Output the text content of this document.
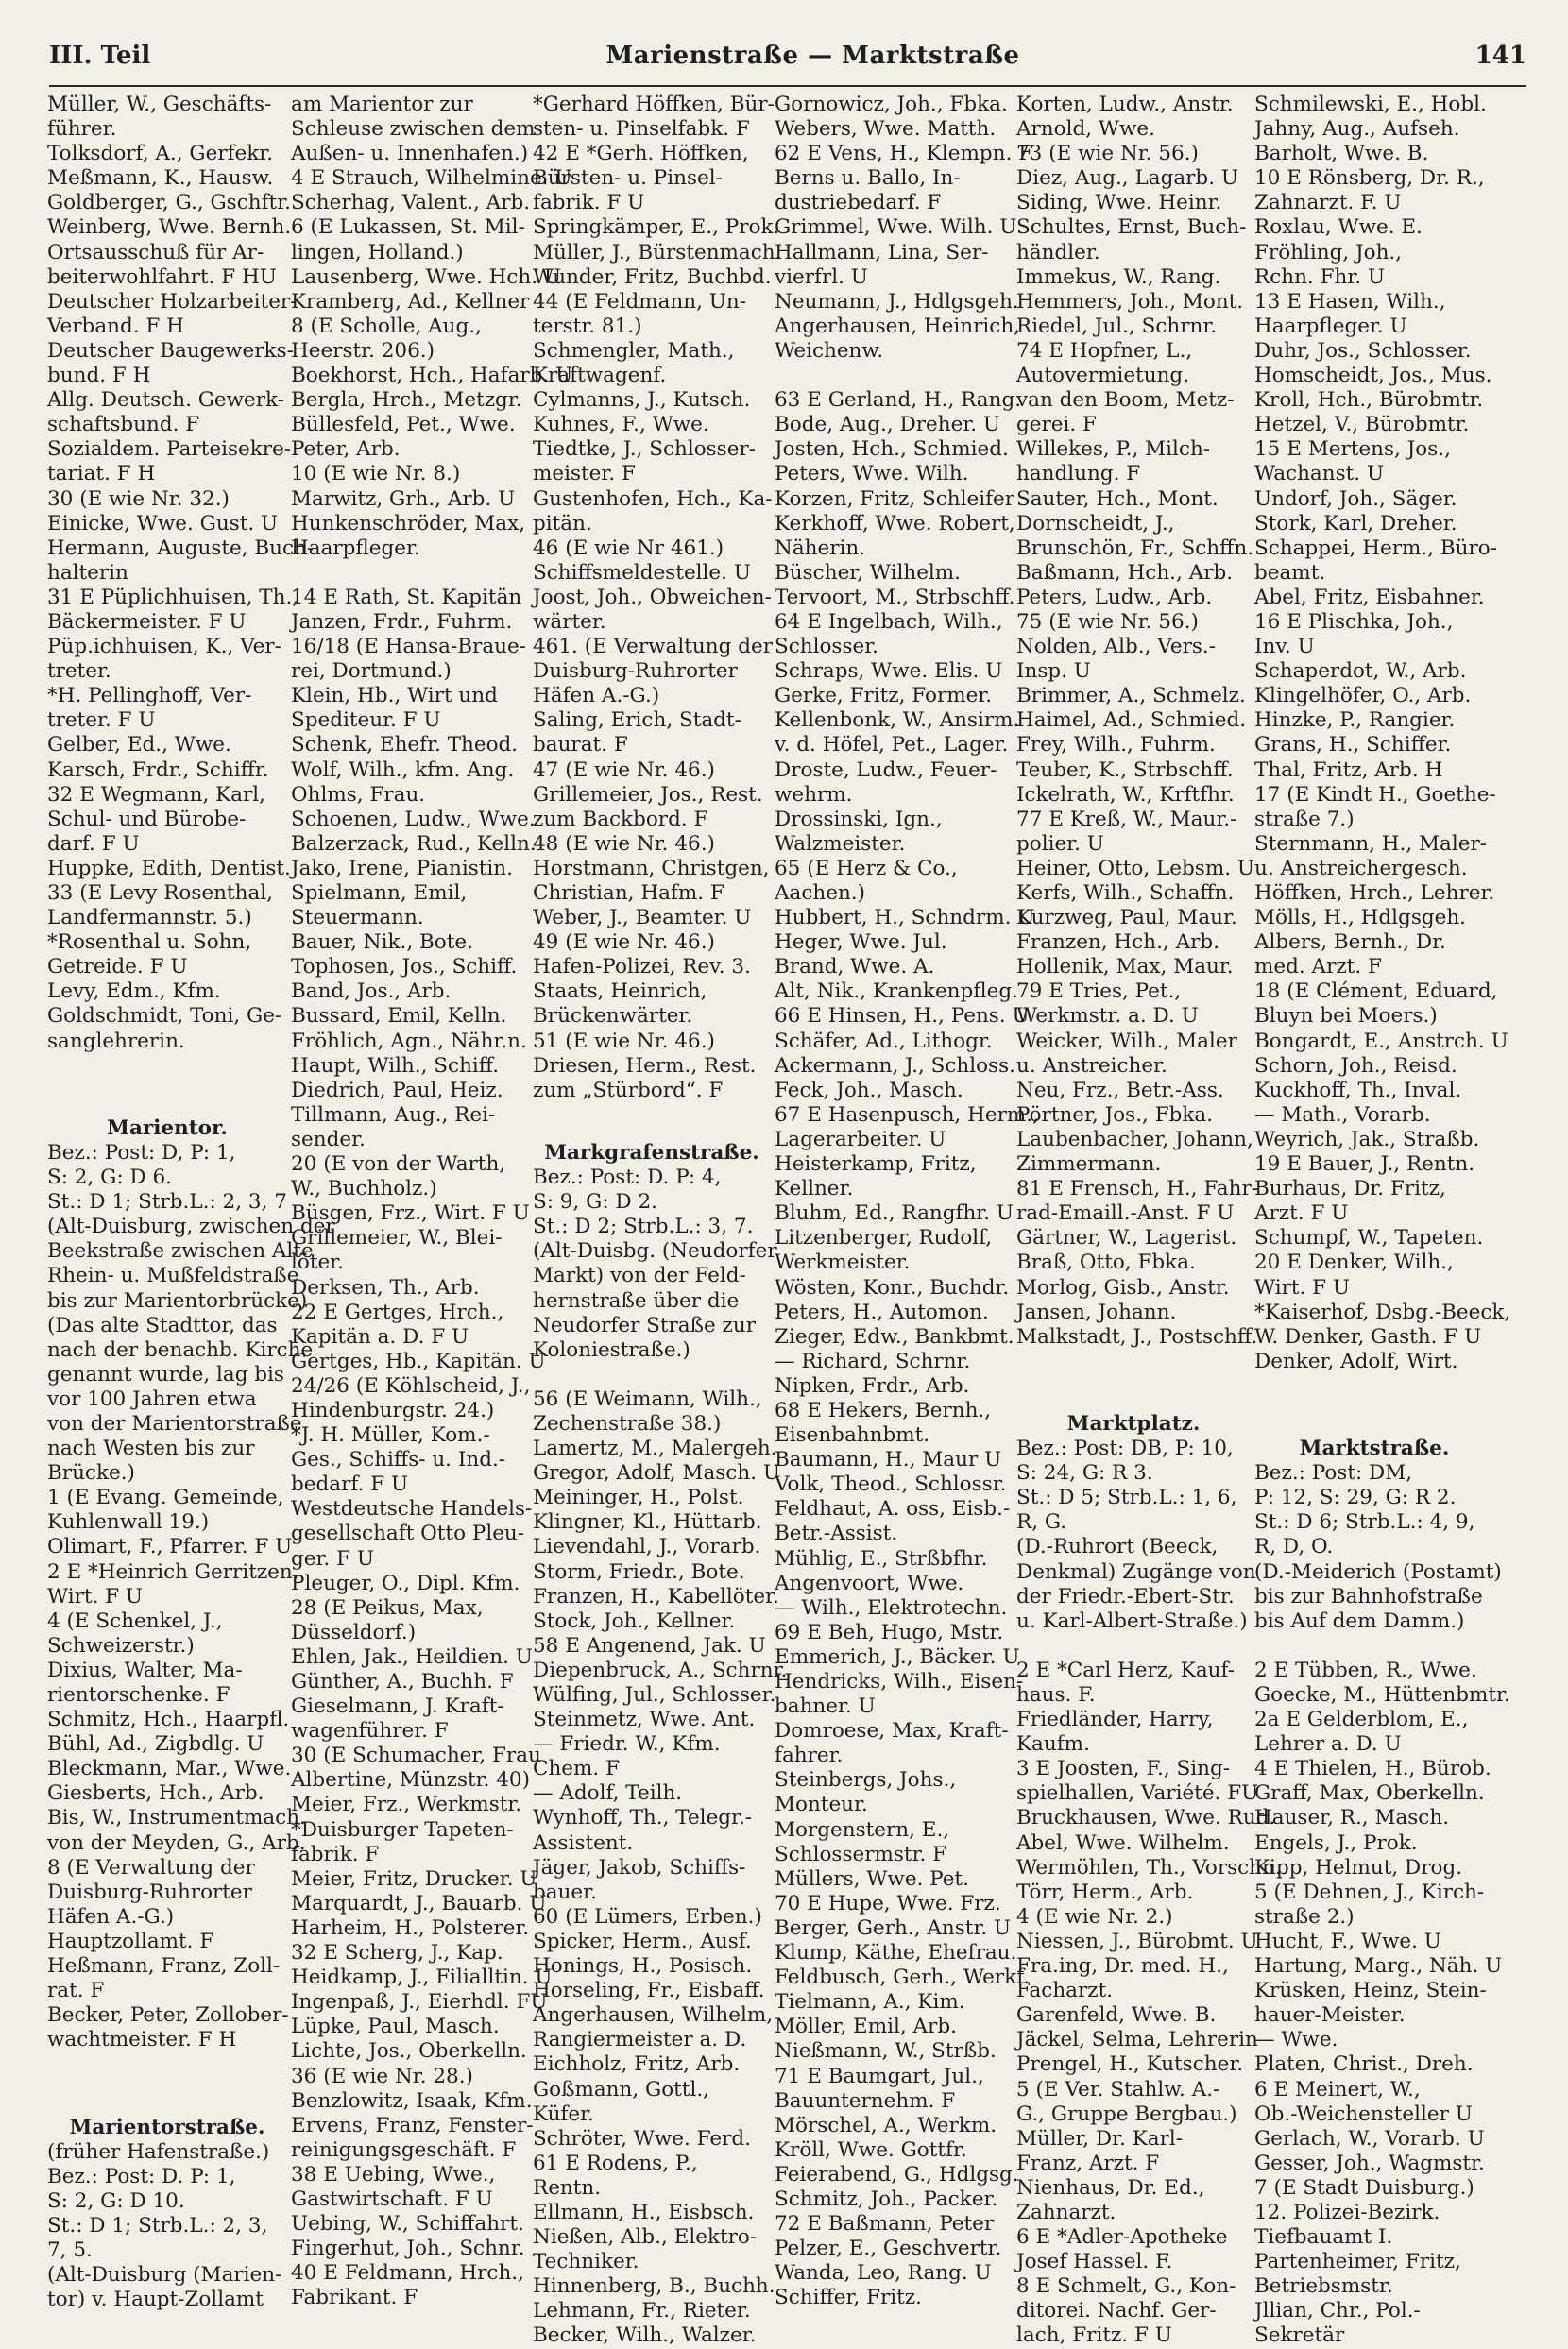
III. Teil	Marienstraße — Marktstraße	141
Müller, W., Geschäfts-
führer.
Tolksdorf, A., Gerfekr.
Meßmann, K., Hausw.
Goldberger, G., Gschftr.
Weinberg, Wwe. Bernh.
Ortsausschuß für Ar-
beiterwohlfahrt. F HU
Deutscher Holzarbeiter-
Verband. F H
Deutscher Baugewerks-
bund. F H
Allg. Deutsch. Gewerk-
schaftsbund. F
Sozialdem. Parteisekre-
tariat. F H
30 (E wie Nr. 32.)
Einicke, Wwe. Gust. U
Hermann, Auguste, Buch-
halterin
31 E Püplichhuisen, Th.,
Bäckermeister. F U
Püp.ichhuisen, K., Ver-
treter.
*H. Pellinghoff, Ver-
treter. F U
Gelber, Ed., Wwe.
Karsch, Frdr., Schiffr.
32 E Wegmann, Karl,
Schul- und Bürobe-
darf. F U
Huppke, Edith, Dentist.
33 (E Levy Rosenthal,
Landfermannstr. 5.)
*Rosenthal u. Sohn,
Getreide. F U
Levy, Edm., Kfm.
Goldschmidt, Toni, Ge-
sanglehrerin.
Marientor.
Bez.: Post: D, P: 1,
S: 2, G: D 6.
St.: D 1; Strb.L.: 2, 3, 7
(Alt-Duisburg, zwischen der
Beekstraße zwischen Alte
Rhein- u. Mußfeldstraße
bis zur Marientorbrücke)
(Das alte Stadttor, das
nach der benachb. Kirche
genannt wurde, lag bis
vor 100 Jahren etwa
von der Marientorstraße
nach Westen bis zur
Brücke.)
1 (E Evang. Gemeinde,
Kuhlenwall 19.)
Olimart, F., Pfarrer. F U
2 E *Heinrich Gerritzen,
Wirt. F U
4 (E Schenkel, J.,
Schweizerstr.)
Dixius, Walter, Ma-
rientorschenke. F
Schmitz, Hch., Haarpfl.
Bühl, Ad., Zigbdlg. U
Bleckmann, Mar., Wwe.
Giesberts, Hch., Arb.
Bis, W., Instrumentmach.
von der Meyden, G., Arb.
8 (E Verwaltung der
Duisburg-Ruhrorter
Häfen A.-G.)
Hauptzollamt. F
Heßmann, Franz, Zoll-
rat. F
Becker, Peter, Zollober-
wachtmeister. F H
Marientorstraße.
(früher Hafenstraße.)
Bez.: Post: D. P: 1,
S: 2, G: D 10.
St.: D 1; Strb.L.: 2, 3,
7, 5.
(Alt-Duisburg (Marien-
tor) v. Haupt-Zollamt
am Marientor zur
Schleuse zwischen dem
Außen- u. Innenhafen.)
4 E Strauch, Wilhelmine. U
Scherhag, Valent., Arb.
6 (E Lukassen, St. Mil-
lingen, Holland.)
Lausenberg, Wwe. Hch. U
Kramberg, Ad., Kellner
8 (E Scholle, Aug.,
Heerstr. 206.)
Boekhorst, Hch., Hafarb. U
Bergla, Hrch., Metzgr.
Büllesfeld, Pet., Wwe.
Peter, Arb.
10 (E wie Nr. 8.)
Marwitz, Grh., Arb. U
Hunkenschröder, Max,
Haarpfleger.
14 E Rath, St. Kapitän
Janzen, Frdr., Fuhrm.
16/18 (E Hansa-Braue-
rei, Dortmund.)
Klein, Hb., Wirt und
Spediteur. F U
Schenk, Ehefr. Theod.
Wolf, Wilh., kfm. Ang.
Ohlms, Frau.
Schoenen, Ludw., Wwe.
Balzerzack, Rud., Kelln.
Jako, Irene, Pianistin.
Spielmann, Emil,
Steuermann.
Bauer, Nik., Bote.
Tophosen, Jos., Schiff.
Band, Jos., Arb.
Bussard, Emil, Kelln.
Fröhlich, Agn., Nähr.n.
Haupt, Wilh., Schiff.
Diedrich, Paul, Heiz.
Tillmann, Aug., Rei-
sender.
20 (E von der Warth,
W., Buchholz.)
Büsgen, Frz., Wirt. F U
Grillemeier, W., Blei-
löter.
Derksen, Th., Arb.
22 E Gertges, Hrch.,
Kapitän a. D. F U
Gertges, Hb., Kapitän. U
24/26 (E Köhlscheid, J.,
Hindenburgstr. 24.)
*J. H. Müller, Kom.-
Ges., Schiffs- u. Ind.-
bedarf. F U
Westdeutsche Handels-
gesellschaft Otto Pleu-
ger. F U
Pleuger, O., Dipl. Kfm.
28 (E Peikus, Max,
Düsseldorf.)
Ehlen, Jak., Heildien. U
Günther, A., Buchh. F
Gieselmann, J. Kraft-
wagenführer. F
30 (E Schumacher, Frau
Albertine, Münzstr. 40)
Meier, Frz., Werkmstr.
*Duisburger Tapeten-
fabrik. F
Meier, Fritz, Drucker. U
Marquardt, J., Bauarb. U
Harheim, H., Polsterer.
32 E Scherg, J., Kap.
Heidkamp, J., Filialltin. U
Ingenpaß, J., Eierhdl. FU
Lüpke, Paul, Masch.
Lichte, Jos., Oberkelln.
36 (E wie Nr. 28.)
Benzlowitz, Isaak, Kfm.
Ervens, Franz, Fenster-
reinigungsgeschäft. F
38 E Uebing, Wwe.,
Gastwirtschaft. F U
Uebing, W., Schiffahrt.
Fingerhut, Joh., Schnr.
40 E Feldmann, Hrch.,
Fabrikant. F
*Gerhard Höffken, Bür-
sten- u. Pinselfabk. F
42 E *Gerh. Höffken,
Bürsten- u. Pinsel-
fabrik. F U
Springkämper, E., Prok.
Müller, J., Bürstenmach.
Wunder, Fritz, Buchbd.
44 (E Feldmann, Un-
terstr. 81.)
Schmengler, Math.,
Kraftwagenf.
Cylmanns, J., Kutsch.
Kuhnes, F., Wwe.
Tiedtke, J., Schlosser-
meister. F
Gustenhofen, Hch., Ka-
pitän.
46 (E wie Nr 461.)
Schiffsmeldestelle. U
Joost, Joh., Obweichen-
wärter.
461. (E Verwaltung der
Duisburg-Ruhrorter
Häfen A.-G.)
Saling, Erich, Stadt-
baurat. F
47 (E wie Nr. 46.)
Grillemeier, Jos., Rest.
zum Backbord. F
48 (E wie Nr. 46.)
Horstmann, Christgen,
Christian, Hafm. F
Weber, J., Beamter. U
49 (E wie Nr. 46.)
Hafen-Polizei, Rev. 3.
Staats, Heinrich,
Brückenwärter.
51 (E wie Nr. 46.)
Driesen, Herm., Rest.
zum „Stürbord“. F
Markgrafenstraße.
Bez.: Post: D. P: 4,
S: 9, G: D 2.
St.: D 2; Strb.L.: 3, 7.
(Alt-Duisbg. (Neudorfer
Markt) von der Feld-
hernstraße über die
Neudorfer Straße zur
Koloniestraße.)
56 (E Weimann, Wilh.,
Zechenstraße 38.)
Lamertz, M., Malergeh.
Gregor, Adolf, Masch. U
Meininger, H., Polst.
Klingner, Kl., Hüttarb.
Lievendahl, J., Vorarb.
Storm, Friedr., Bote.
Franzen, H., Kabellöter.
Stock, Joh., Kellner.
58 E Angenend, Jak. U
Diepenbruck, A., Schrnr.
Wülfing, Jul., Schlosser.
Steinmetz, Wwe. Ant.
— Friedr. W., Kfm.
Chem. F
— Adolf, Teilh.
Wynhoff, Th., Telegr.-
Assistent.
Jäger, Jakob, Schiffs-
bauer.
60 (E Lümers, Erben.)
Spicker, Herm., Ausf.
Honings, H., Posisch.
Horseling, Fr., Eisbaff.
Angerhausen, Wilhelm,
Rangiermeister a. D.
Eichholz, Fritz, Arb.
Goßmann, Gottl.,
Küfer.
Schröter, Wwe. Ferd.
61 E Rodens, P.,
Rentn.
Ellmann, H., Eisbsch.
Nießen, Alb., Elektro-
Techniker.
Hinnenberg, B., Buchh.
Lehmann, Fr., Rieter.
Becker, Wilh., Walzer.
Gornowicz, Joh., Fbka.
Webers, Wwe. Matth.
62 E Vens, H., Klempn. F
Berns u. Ballo, In-
dustriebedarf. F
Grimmel, Wwe. Wilh. U
Hallmann, Lina, Ser-
vierfrl. U
Neumann, J., Hdlgsgeh.
Angerhausen, Heinrich,
Weichenw.
63 E Gerland, H., Rang.
Bode, Aug., Dreher. U
Josten, Hch., Schmied.
Peters, Wwe. Wilh.
Korzen, Fritz, Schleifer
Kerkhoff, Wwe. Robert,
Näherin.
Büscher, Wilhelm.
Tervoort, M., Strbschff.
64 E Ingelbach, Wilh.,
Schlosser.
Schraps, Wwe. Elis. U
Gerke, Fritz, Former.
Kellenbonk, W., Ansirm.
v. d. Höfel, Pet., Lager.
Droste, Ludw., Feuer-
wehrm.
Drossinski, Ign.,
Walzmeister.
65 (E Herz & Co.,
Aachen.)
Hubbert, H., Schndrm. U
Heger, Wwe. Jul.
Brand, Wwe. A.
Alt, Nik., Krankenpfleg.
66 E Hinsen, H., Pens. U
Schäfer, Ad., Lithogr.
Ackermann, J., Schloss.
Feck, Joh., Masch.
67 E Hasenpusch, Herm.,
Lagerarbeiter. U
Heisterkamp, Fritz,
Kellner.
Bluhm, Ed., Rangfhr. U
Litzenberger, Rudolf,
Werkmeister.
Wösten, Konr., Buchdr.
Peters, H., Automon.
Zieger, Edw., Bankbmt.
— Richard, Schrnr.
Nipken, Frdr., Arb.
68 E Hekers, Bernh.,
Eisenbahnbmt.
Baumann, H., Maur U
Volk, Theod., Schlossr.
Feldhaut, A. oss, Eisb.-
Betr.-Assist.
Mühlig, E., Strßbfhr.
Angenvoort, Wwe.
— Wilh., Elektrotechn.
69 E Beh, Hugo, Mstr.
Emmerich, J., Bäcker. U
Hendricks, Wilh., Eisen-
bahner. U
Domroese, Max, Kraft-
fahrer.
Steinbergs, Johs.,
Monteur.
Morgenstern, E.,
Schlossermstr. F
Müllers, Wwe. Pet.
70 E Hupe, Wwe. Frz.
Berger, Gerh., Anstr. U
Klump, Käthe, Ehefrau.
Feldbusch, Gerh., Werkf.
Tielmann, A., Kim.
Möller, Emil, Arb.
Nießmann, W., Strßb.
71 E Baumgart, Jul.,
Bauunternehm. F
Mörschel, A., Werkm.
Kröll, Wwe. Gottfr.
Feierabend, G., Hdlgsg.
Schmitz, Joh., Packer.
72 E Baßmann, Peter
Pelzer, E., Geschvertr.
Wanda, Leo, Rang. U
Schiffer, Fritz.
Korten, Ludw., Anstr.
Arnold, Wwe.
73 (E wie Nr. 56.)
Diez, Aug., Lagarb. U
Siding, Wwe. Heinr.
Schultes, Ernst, Buch-
händler.
Immekus, W., Rang.
Hemmers, Joh., Mont.
Riedel, Jul., Schrnr.
74 E Hopfner, L.,
Autovermietung.
van den Boom, Metz-
gerei. F
Willekes, P., Milch-
handlung. F
Sauter, Hch., Mont.
Dornscheidt, J.,
Brunschön, Fr., Schffn.
Baßmann, Hch., Arb.
Peters, Ludw., Arb.
75 (E wie Nr. 56.)
Nolden, Alb., Vers.-
Insp. U
Brimmer, A., Schmelz.
Haimel, Ad., Schmied.
Frey, Wilh., Fuhrm.
Teuber, K., Strbschff.
Ickelrath, W., Krftfhr.
77 E Kreß, W., Maur.-
polier. U
Heiner, Otto, Lebsm. U
Kerfs, Wilh., Schaffn.
Kurzweg, Paul, Maur.
Franzen, Hch., Arb.
Hollenik, Max, Maur.
79 E Tries, Pet.,
Werkmstr. a. D. U
Weicker, Wilh., Maler
u. Anstreicher.
Neu, Frz., Betr.-Ass.
Pörtner, Jos., Fbka.
Laubenbacher, Johann,
Zimmermann.
81 E Frensch, H., Fahr-
rad-Emaill.-Anst. F U
Gärtner, W., Lagerist.
Braß, Otto, Fbka.
Morlog, Gisb., Anstr.
Jansen, Johann.
Malkstadt, J., Postschff.
Marktplatz.
Bez.: Post: DB, P: 10,
S: 24, G: R 3.
St.: D 5; Strb.L.: 1, 6,
R, G.
(D.-Ruhrort (Beeck,
Denkmal) Zugänge von
der Friedr.-Ebert-Str.
u. Karl-Albert-Straße.)
2 E *Carl Herz, Kauf-
haus. F.
Friedländer, Harry,
Kaufm.
3 E Joosten, F., Sing-
spielhallen, Variété. FU
Bruckhausen, Wwe. Rud.
Abel, Wwe. Wilhelm.
Wermöhlen, Th., Vorschn.
Törr, Herm., Arb.
4 (E wie Nr. 2.)
Niessen, J., Bürobmt. U
Fra.ing, Dr. med. H.,
Facharzt.
Garenfeld, Wwe. B.
Jäckel, Selma, Lehrerin
Prengel, H., Kutscher.
5 (E Ver. Stahlw. A.-
G., Gruppe Bergbau.)
Müller, Dr. Karl-
Franz, Arzt. F
Nienhaus, Dr. Ed.,
Zahnarzt.
6 E *Adler-Apotheke
Josef Hassel. F.
8 E Schmelt, G., Kon-
ditorei. Nachf. Ger-
lach, Fritz. F U
Schmilewski, E., Hobl.
Jahny, Aug., Aufseh.
Barholt, Wwe. B.
10 E Rönsberg, Dr. R.,
Zahnarzt. F. U
Roxlau, Wwe. E.
Fröhling, Joh.,
Rchn. Fhr. U
13 E Hasen, Wilh.,
Haarpfleger. U
Duhr, Jos., Schlosser.
Homscheidt, Jos., Mus.
Kroll, Hch., Bürobmtr.
Hetzel, V., Bürobmtr.
15 E Mertens, Jos.,
Wachanst. U
Undorf, Joh., Säger.
Stork, Karl, Dreher.
Schappei, Herm., Büro-
beamt.
Abel, Fritz, Eisbahner.
16 E Plischka, Joh.,
Inv. U
Schaperdot, W., Arb.
Klingelhöfer, O., Arb.
Hinzke, P., Rangier.
Grans, H., Schiffer.
Thal, Fritz, Arb. H
17 (E Kindt H., Goethe-
straße 7.)
Sternmann, H., Maler-
u. Anstreichergesch.
Höffken, Hrch., Lehrer.
Mölls, H., Hdlgsgeh.
Albers, Bernh., Dr.
med. Arzt. F
18 (E Clément, Eduard,
Bluyn bei Moers.)
Bongardt, E., Anstrch. U
Schorn, Joh., Reisd.
Kuckhoff, Th., Inval.
— Math., Vorarb.
Weyrich, Jak., Straßb.
19 E Bauer, J., Rentn.
Burhaus, Dr. Fritz,
Arzt. F U
Schumpf, W., Tapeten.
20 E Denker, Wilh.,
Wirt. F U
*Kaiserhof, Dsbg.-Beeck,
W. Denker, Gasth. F U
Denker, Adolf, Wirt.
Marktstraße.
Bez.: Post: DM,
P: 12, S: 29, G: R 2.
St.: D 6; Strb.L.: 4, 9,
R, D, O.
(D.-Meiderich (Postamt)
bis zur Bahnhofstraße
bis Auf dem Damm.)
2 E Tübben, R., Wwe.
Goecke, M., Hüttenbmtr.
2a E Gelderblom, E.,
Lehrer a. D. U
4 E Thielen, H., Bürob.
Graff, Max, Oberkelln.
Hauser, R., Masch.
Engels, J., Prok.
Kipp, Helmut, Drog.
5 (E Dehnen, J., Kirch-
straße 2.)
Hucht, F., Wwe. U
Hartung, Marg., Näh. U
Krüsken, Heinz, Stein-
hauer-Meister.
— Wwe.
Platen, Christ., Dreh.
6 E Meinert, W.,
Ob.-Weichensteller U
Gerlach, W., Vorarb. U
Gesser, Joh., Wagmstr.
7 (E Stadt Duisburg.)
12. Polizei-Bezirk.
Tiefbauamt I.
Partenheimer, Fritz,
Betriebsmstr.
Jllian, Chr., Pol.-
Sekretär
